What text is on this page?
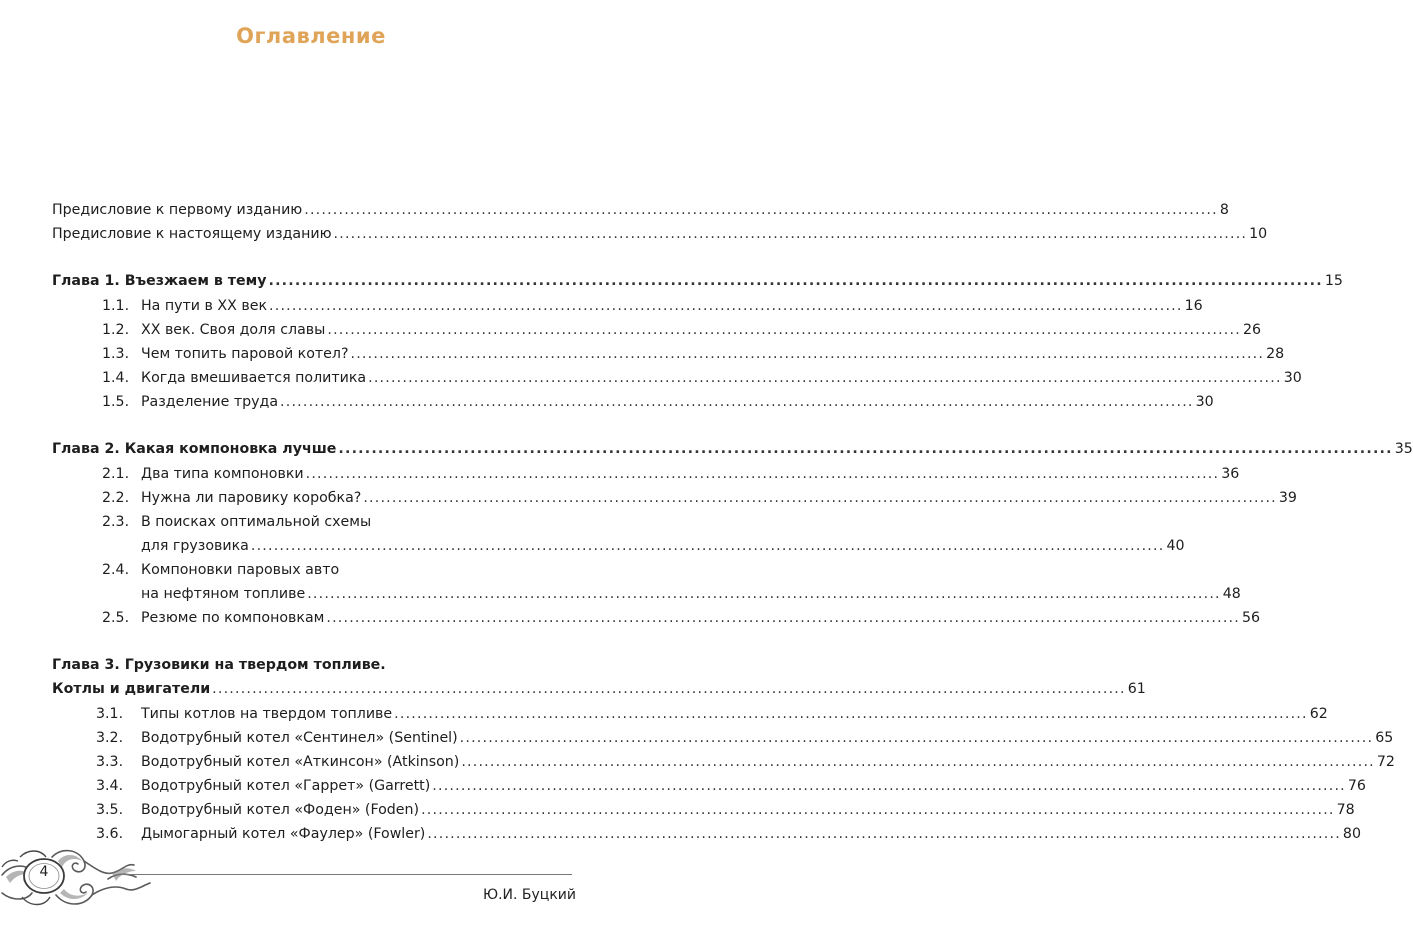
Оглавление
Предисловие к первому изданию ................................................................................................................................................................ 8
Предисловие к настоящему изданию ................................................................................................................................................................ 10
Глава 1. Въезжаем в тему ................................................................................................................................................................ 15
1.1. На пути в XX век ................................................................................................................................................................ 16
1.2. XX век. Своя доля славы ................................................................................................................................................................ 26
1.3. Чем топить паровой котел? ................................................................................................................................................................ 28
1.4. Когда вмешивается политика ................................................................................................................................................................ 30
1.5. Разделение труда ................................................................................................................................................................ 30
Глава 2. Какая компоновка лучше ................................................................................................................................................................ 35
2.1. Два типа компоновки ................................................................................................................................................................ 36
2.2. Нужна ли паровику коробка? ................................................................................................................................................................ 39
2.3. В поисках оптимальной схемы
для грузовика ................................................................................................................................................................ 40
2.4. Компоновки паровых авто
на нефтяном топливе ................................................................................................................................................................ 48
2.5. Резюме по компоновкам ................................................................................................................................................................ 56
Глава 3. Грузовики на твердом топливе.
Котлы и двигатели ................................................................................................................................................................ 61
3.1.	Типы котлов на твердом топливе ................................................................................................................................................................ 62
3.2.	Водотрубный котел «Сентинел» (Sentinel) ................................................................................................................................................................ 65
3.3.	Водотрубный котел «Аткинсон» (Atkinson) ................................................................................................................................................................ 72
3.4.	Водотрубный котел «Гаррет» (Garrett) ................................................................................................................................................................ 76
3.5.	Водотрубный котел «Фоден» (Foden) ................................................................................................................................................................ 78
3.6.	Дымогарный котел «Фаулер» (Fowler) ................................................................................................................................................................ 80
4
Ю.И. Буцкий
